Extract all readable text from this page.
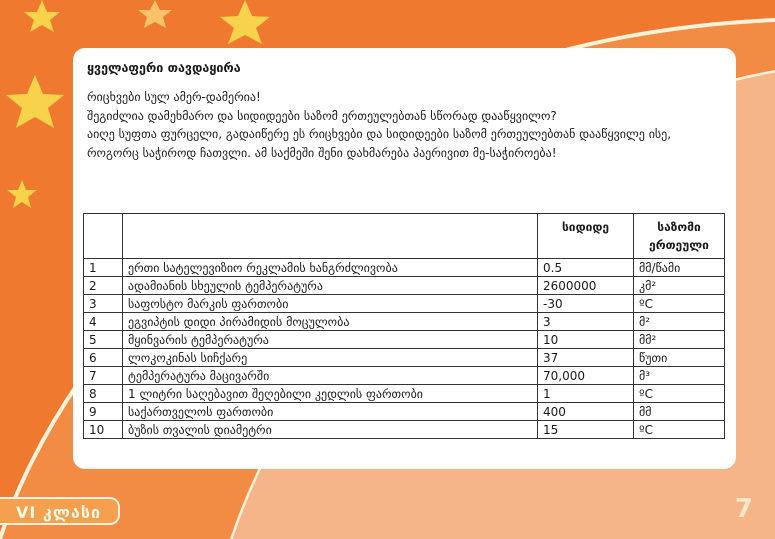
ყველაფერი თავდაყირა

რიცხვები სულ ამერ-დამერია!

შეგიძლია დამეხმარო და სიდიდეები საზომ ერთეულებთან სწორად დააწყვილო?

აიღე სუფთა ფურცელი, გადაიწერე ეს რიცხვები და სიდიდეები საზომ ერთეულებთან დააწყვილე ისე, როგორც საჭიროდ ჩათვლი. ამ საქმეში შენი დახმარება პაერივით მე-საჭიროება!

		სიდიდე	საზომი ერთეული
1	ერთი სატელევიზიო რეკლამის ხანგრძლივობა	0.5	მმ/წამი
2	ადამიანის სხეულის ტემპერატურა	2600000	კმ²
3	საფოსტო მარკის ფართობი	-30	ºC
4	ეგვიპტის დიდი პირამიდის მოცულობა	3	მ²
5	მყინვარის ტემპერატურა	10	მმ²
6	ლოკოკინას სიჩქარე	37	წუთი
7	ტემპერატურა მაცივარში	70,000	მ³
8	1 ლიტრი საღებავით შეღებილი კედლის ფართობი	1	ºC
9	საქართველოს ფართობი	400	მმ
10	ბუზის თვალის დიამეტრი	15	ºC
VI კლასი	7
